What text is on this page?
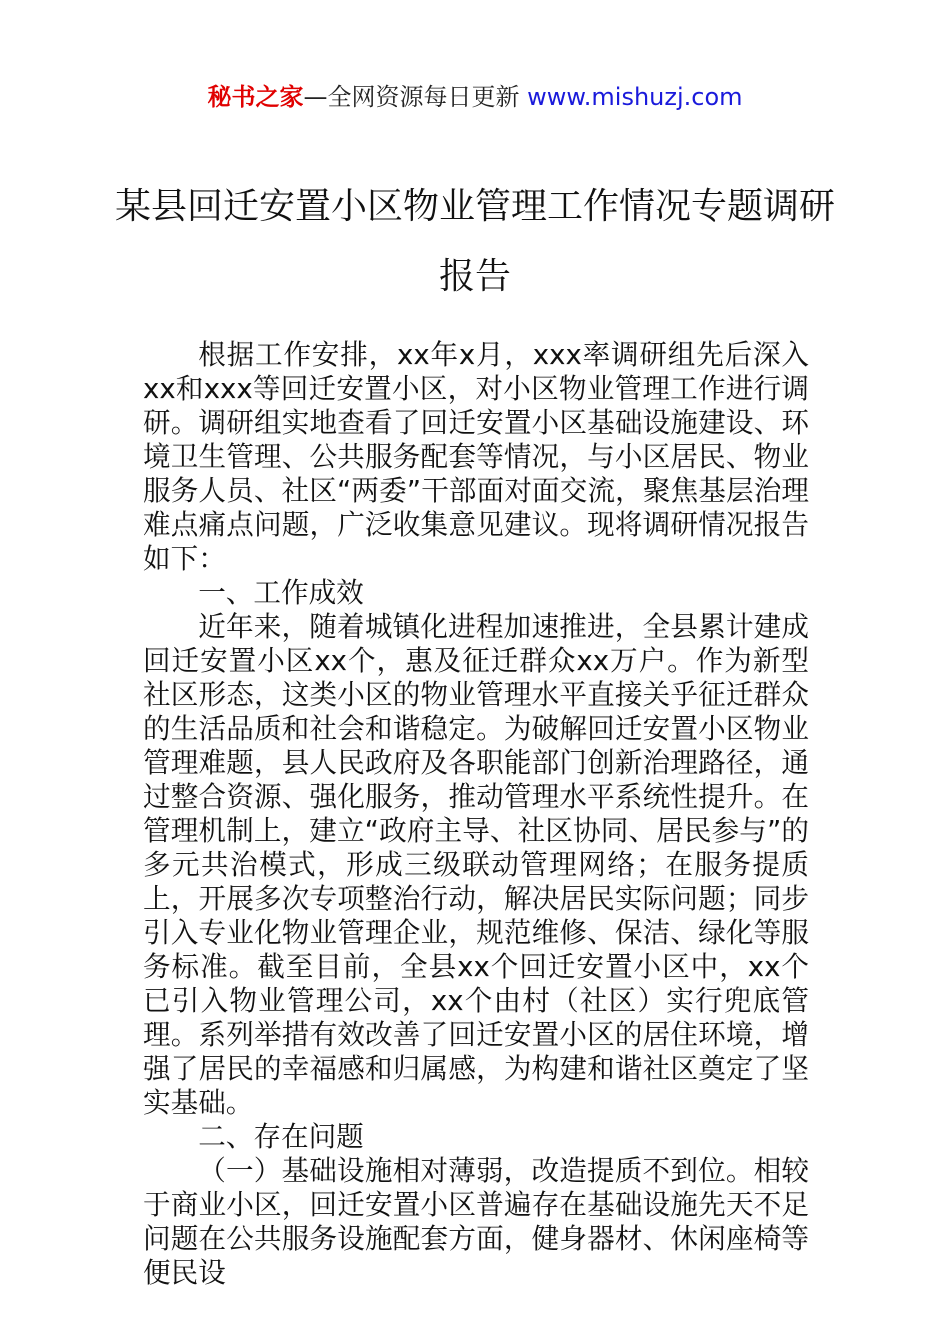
秘书之家—全网资源每日更新 www.mishuzj.com
某县回迁安置小区物业管理工作情况专题调研报告

根据工作安排，xx年x月，xxx率调研组先后深入xx和xxx等回迁安置小区，对小区物业管理工作进行调研。调研组实地查看了回迁安置小区基础设施建设、环境卫生管理、公共服务配套等情况，与小区居民、物业服务人员、社区“两委”干部面对面交流，聚焦基层治理难点痛点问题，广泛收集意见建议。现将调研情况报告如下：

一、工作成效

近年来，随着城镇化进程加速推进，全县累计建成回迁安置小区xx个，惠及征迁群众xx万户。作为新型社区形态，这类小区的物业管理水平直接关乎征迁群众的生活品质和社会和谐稳定。为破解回迁安置小区物业管理难题，县人民政府及各职能部门创新治理路径，通过整合资源、强化服务，推动管理水平系统性提升。在管理机制上，建立“政府主导、社区协同、居民参与”的多元共治模式，形成三级联动管理网络；在服务提质上，开展多次专项整治行动，解决居民实际问题；同步引入专业化物业管理企业，规范维修、保洁、绿化等服务标准。截至目前，全县xx个回迁安置小区中，xx个已引入物业管理公司，xx个由村（社区）实行兜底管理。系列举措有效改善了回迁安置小区的居住环境，增强了居民的幸福感和归属感，为构建和谐社区奠定了坚实基础。

二、存在问题

（一）基础设施相对薄弱，改造提质不到位。相较于商业小区，回迁安置小区普遍存在基础设施先天不足问题在公共服务设施配套方面，健身器材、休闲座椅等便民设
